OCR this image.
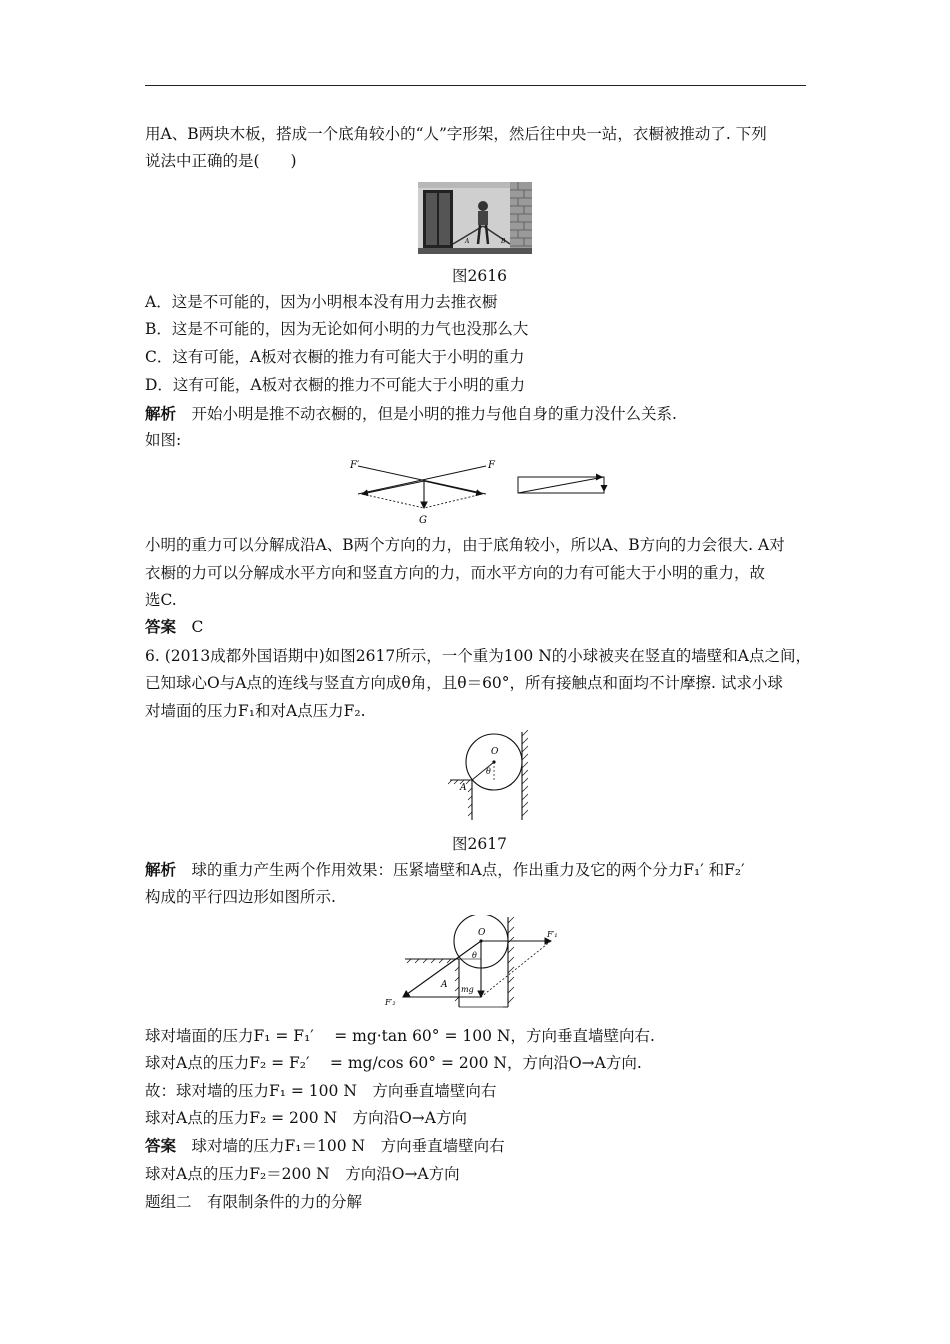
用A、B两块木板，搭成一个底角较小的“人”字形架，然后往中央一站，衣橱被推动了. 下列
说法中正确的是(　　)
A	B
图2616
A．这是不可能的，因为小明根本没有用力去推衣橱
B．这是不可能的，因为无论如何小明的力气也没那么大
C．这有可能，A板对衣橱的推力有可能大于小明的重力
D．这有可能，A板对衣橱的推力不可能大于小明的重力
解析　 开始小明是推不动衣橱的，但是小明的推力与他自身的重力没什么关系.
如图:
F′	F
G
小明的重力可以分解成沿A、B两个方向的力，由于底角较小，所以A、B方向的力会很大. A对
衣橱的力可以分解成水平方向和竖直方向的力，而水平方向的力有可能大于小明的重力，故
选C.
答案　 C
6. (2013成都外国语期中)如图2617所示，一个重为100 N的小球被夹在竖直的墙壁和A点之间，
已知球心O与A点的连线与竖直方向成θ角，且θ＝60°，所有接触点和面均不计摩擦. 试求小球
对墙面的压力F₁和对A点压力F₂.
O
θ
A
图2617
解析　 球的重力产生两个作用效果：压紧墙壁和A点，作出重力及它的两个分力F₁′ 和F₂′
构成的平行四边形如图所示.
O
θ
A mg
F′₁
F′₂
球对墙面的压力F₁ = F₁′ 　= mg·tan 60° = 100 N，方向垂直墙壁向右.
球对A点的压力F₂ = F₂′ 　= mg/cos 60° = 200 N，方向沿O→A方向.
故：球对墙的压力F₁ = 100 N　方向垂直墙壁向右
球对A点的压力F₂ = 200 N　方向沿O→A方向
答案　 球对墙的压力F₁＝100 N　方向垂直墙壁向右
球对A点的压力F₂＝200 N　方向沿O→A方向
题组二　有限制条件的力的分解
